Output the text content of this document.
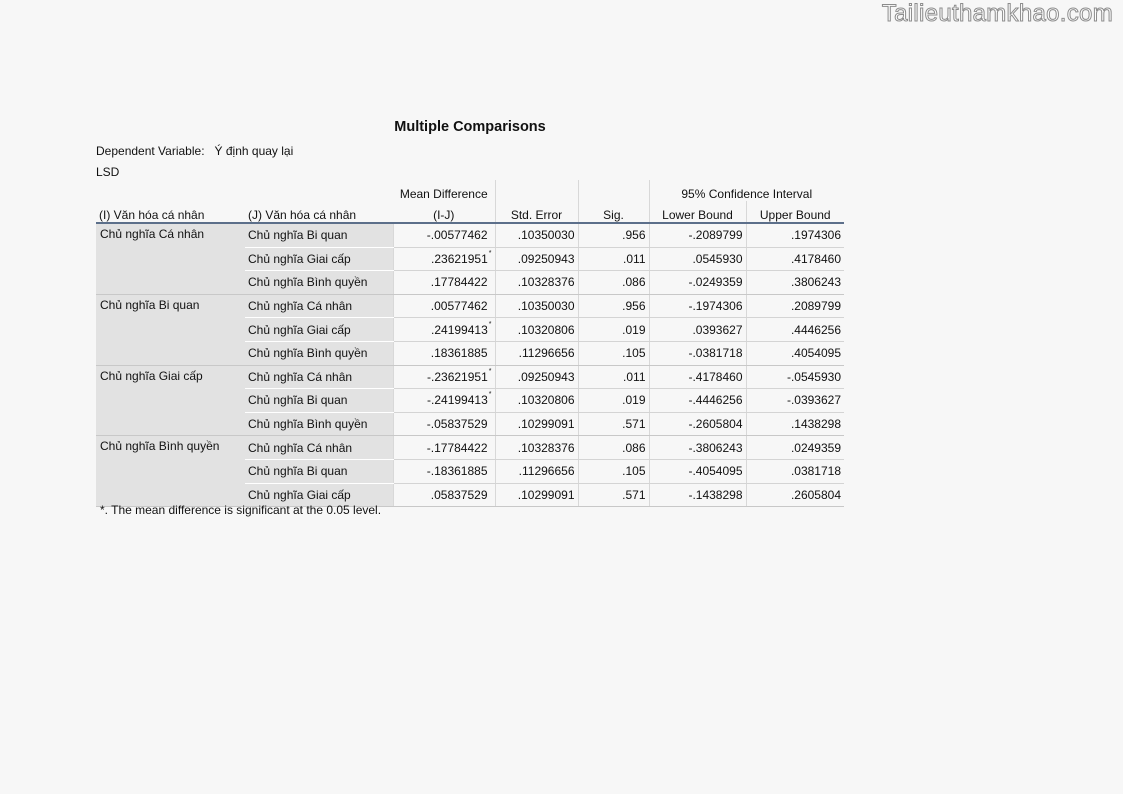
Tailieuthamkhao.com
Multiple Comparisons
Dependent Variable: Ý định quay lại
LSD
		Mean Difference			95% Confidence Interval	
(I) Văn hóa cá nhân	(J) Văn hóa cá nhân	(I-J)	Std. Error	Sig.	Lower Bound	Upper Bound
Chủ nghĩa Cá nhân	Chủ nghĩa Bi quan	-.00577462	.10350030	.956	-.2089799	.1974306
	Chủ nghĩa Giai cấp	.23621951*	.09250943	.011	.0545930	.4178460
	Chủ nghĩa Bình quyền	.17784422	.10328376	.086	-.0249359	.3806243
Chủ nghĩa Bi quan	Chủ nghĩa Cá nhân	.00577462	.10350030	.956	-.1974306	.2089799
	Chủ nghĩa Giai cấp	.24199413*	.10320806	.019	.0393627	.4446256
	Chủ nghĩa Bình quyền	.18361885	.11296656	.105	-.0381718	.4054095
Chủ nghĩa Giai cấp	Chủ nghĩa Cá nhân	-.23621951*	.09250943	.011	-.4178460	-.0545930
	Chủ nghĩa Bi quan	-.24199413*	.10320806	.019	-.4446256	-.0393627
	Chủ nghĩa Bình quyền	-.05837529	.10299091	.571	-.2605804	.1438298
Chủ nghĩa Bình quyền	Chủ nghĩa Cá nhân	-.17784422	.10328376	.086	-.3806243	.0249359
	Chủ nghĩa Bi quan	-.18361885	.11296656	.105	-.4054095	.0381718
	Chủ nghĩa Giai cấp	.05837529	.10299091	.571	-.1438298	.2605804
*. The mean difference is significant at the 0.05 level.
